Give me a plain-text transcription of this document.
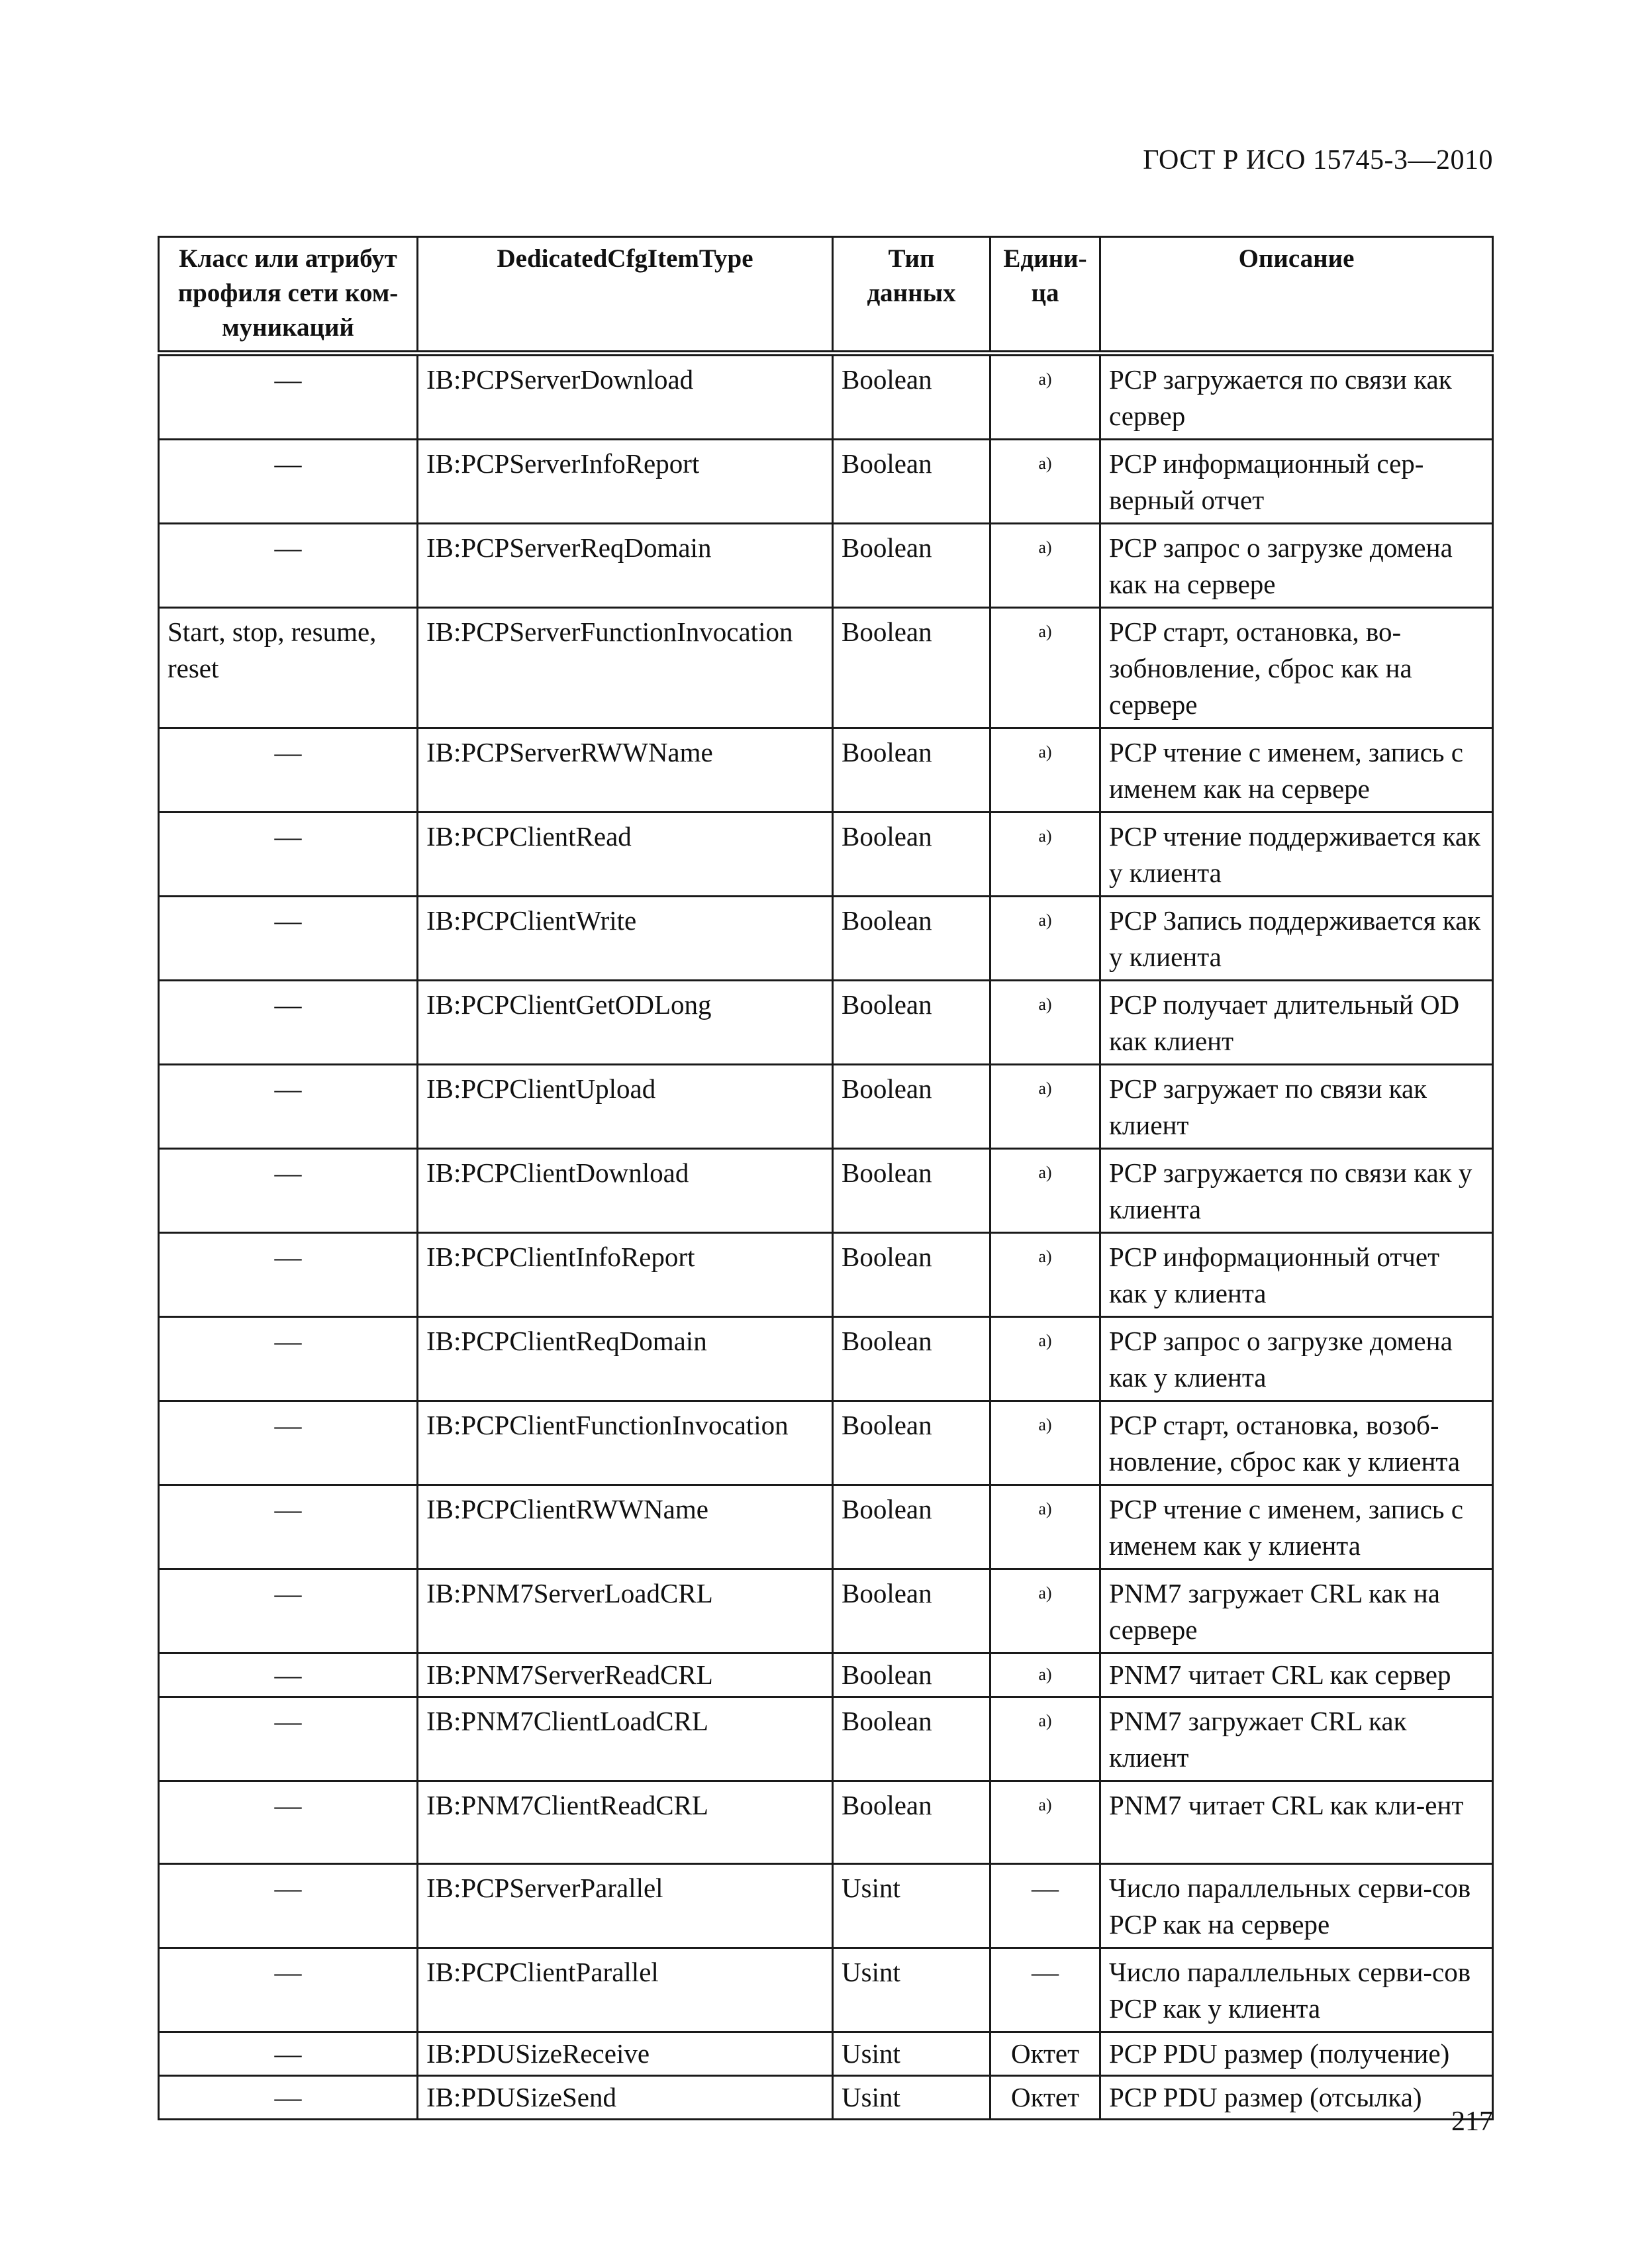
ГОСТ Р ИСО 15745-3—2010
Класс или атрибут профиля сети ком-муникаций	DedicatedCfgItemType	Тип данных	Едини-ца	Описание
—	IB:PCPServerDownload	Boolean	а)	PCP загружается по связи как сервер
—	IB:PCPServerInfoReport	Boolean	а)	PCP информационный сер-верный отчет
—	IB:PCPServerReqDomain	Boolean	а)	PCP запрос о загрузке домена как на сервере
Start, stop, resume, reset	IB:PCPServerFunctionInvocation	Boolean	а)	PCP старт, остановка, во-зобновление, сброс как на сервере
—	IB:PCPServerRWWName	Boolean	а)	PCP чтение с именем, запись с именем как на сервере
—	IB:PCPClientRead	Boolean	а)	PCP чтение поддерживается как у клиента
—	IB:PCPClientWrite	Boolean	а)	PCP Запись поддерживается как у клиента
—	IB:PCPClientGetODLong	Boolean	а)	PCP получает длительный OD как клиент
—	IB:PCPClientUpload	Boolean	а)	PCP загружает по связи как клиент
—	IB:PCPClientDownload	Boolean	а)	PCP загружается по связи как у клиента
—	IB:PCPClientInfoReport	Boolean	а)	PCP информационный отчет как у клиента
—	IB:PCPClientReqDomain	Boolean	а)	PCP запрос о загрузке домена как у клиента
—	IB:PCPClientFunctionInvocation	Boolean	а)	PCP старт, остановка, возоб-новление, сброс как у клиента
—	IB:PCPClientRWWName	Boolean	а)	PCP чтение с именем, запись с именем как у клиента
—	IB:PNM7ServerLoadCRL	Boolean	а)	PNM7 загружает CRL как на сервере
—	IB:PNM7ServerReadCRL	Boolean	а)	PNM7 читает CRL как сервер
—	IB:PNM7ClientLoadCRL	Boolean	а)	PNM7 загружает CRL как клиент
—	IB:PNM7ClientReadCRL	Boolean	а)	PNM7 читает CRL как кли-ент
—	IB:PCPServerParallel	Usint	—	Число параллельных серви-сов PCP как на сервере
—	IB:PCPClientParallel	Usint	—	Число параллельных серви-сов PCP как у клиента
—	IB:PDUSizeReceive	Usint	Октет	PCP PDU размер (получение)
—	IB:PDUSizeSend	Usint	Октет	PCP PDU размер (отсылка)
217
